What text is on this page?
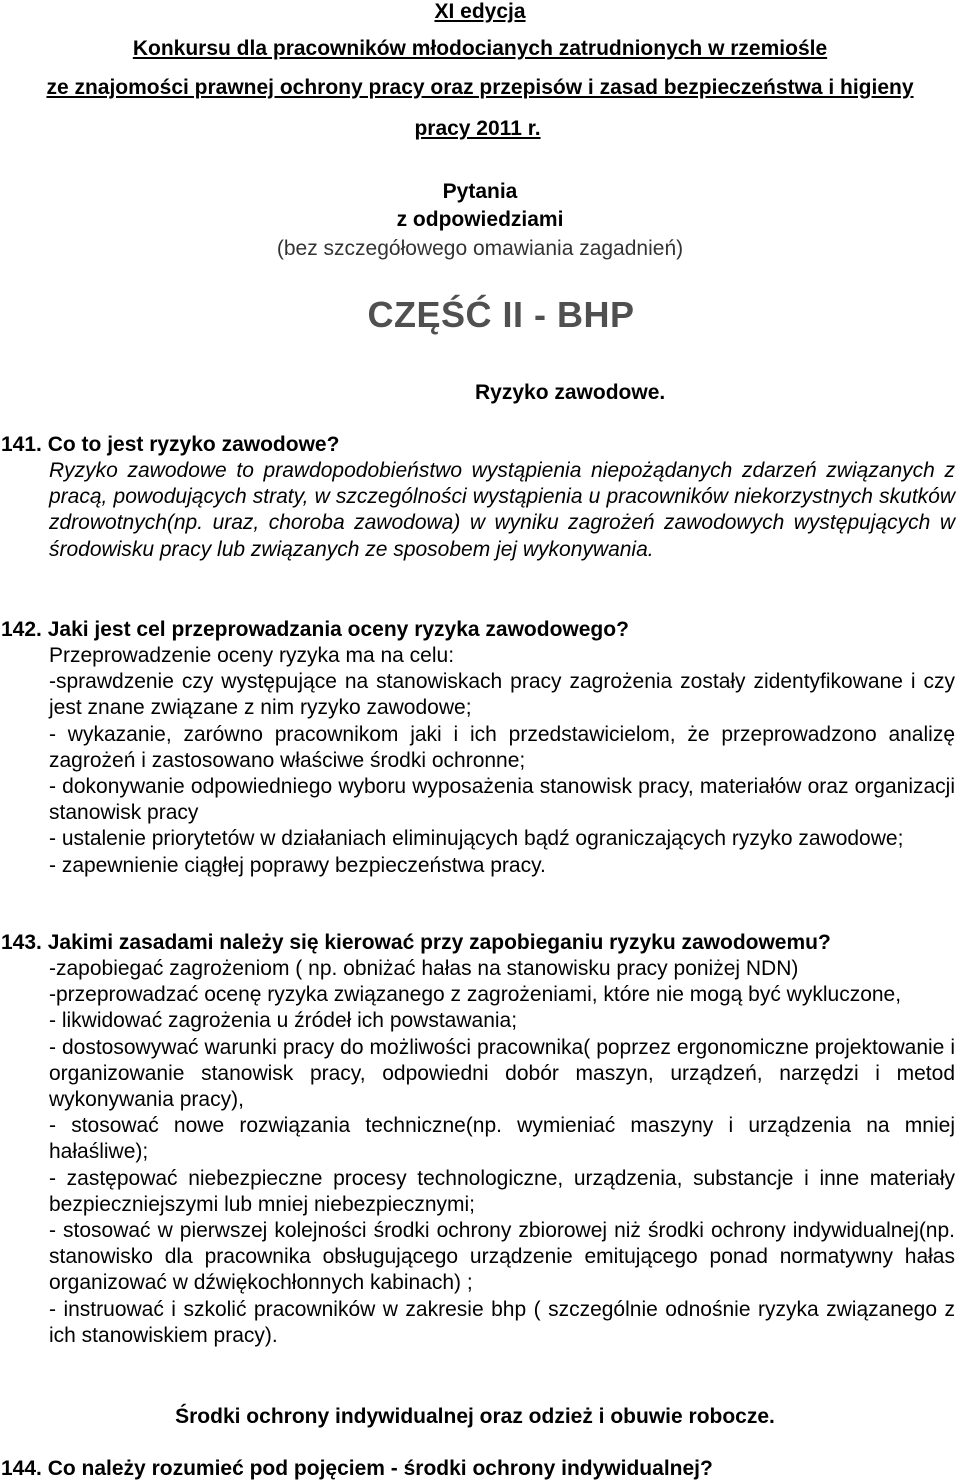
XI edycja
Konkursu dla pracowników młodocianych zatrudnionych w rzemiośle
ze znajomości prawnej ochrony pracy oraz przepisów i zasad bezpieczeństwa i higieny
pracy 2011 r.
Pytania
z odpowiedziami
(bez szczegółowego omawiania zagadnień)
CZĘŚĆ II - BHP
Ryzyko zawodowe.
141. Co to jest ryzyko zawodowe?

Ryzyko zawodowe to prawdopodobieństwo wystąpienia niepożądanych zdarzeń związanych z pracą, powodujących straty, w szczególności wystąpienia u pracowników niekorzystnych skutków zdrowotnych(np. uraz, choroba zawodowa) w wyniku zagrożeń zawodowych występujących w środowisku pracy lub związanych ze sposobem jej wykonywania.

142. Jaki jest cel przeprowadzania oceny ryzyka zawodowego?

Przeprowadzenie oceny ryzyka ma na celu:

-sprawdzenie czy występujące na stanowiskach pracy zagrożenia zostały zidentyfikowane i czy jest znane związane z nim ryzyko zawodowe;

- wykazanie, zarówno pracownikom jaki i ich przedstawicielom, że przeprowadzono analizę zagrożeń i zastosowano właściwe środki ochronne;

- dokonywanie odpowiedniego wyboru wyposażenia stanowisk pracy, materiałów oraz organizacji stanowisk pracy

- ustalenie priorytetów w działaniach eliminujących bądź ograniczających ryzyko zawodowe;

- zapewnienie ciągłej poprawy bezpieczeństwa pracy.

143. Jakimi zasadami należy się kierować przy zapobieganiu ryzyku zawodowemu?

-zapobiegać zagrożeniom ( np. obniżać hałas na stanowisku pracy poniżej NDN)

-przeprowadzać ocenę ryzyka związanego z zagrożeniami, które nie mogą być wykluczone,

- likwidować zagrożenia u źródeł ich powstawania;

- dostosowywać warunki pracy do możliwości pracownika( poprzez ergonomiczne projektowanie i organizowanie stanowisk pracy, odpowiedni dobór maszyn, urządzeń, narzędzi i metod wykonywania pracy),

- stosować nowe rozwiązania techniczne(np. wymieniać maszyny i urządzenia na mniej hałaśliwe);

- zastępować niebezpieczne procesy technologiczne, urządzenia, substancje i inne materiały bezpieczniejszymi lub mniej niebezpiecznymi;

- stosować w pierwszej kolejności środki ochrony zbiorowej niż środki ochrony indywidualnej(np. stanowisko dla pracownika obsługującego urządzenie emitującego ponad normatywny hałas organizować w dźwiękochłonnych kabinach) ;

- instruować i szkolić pracowników w zakresie bhp ( szczególnie odnośnie ryzyka związanego z ich stanowiskiem pracy).

Środki ochrony indywidualnej oraz odzież i obuwie robocze.
144. Co należy rozumieć pod pojęciem - środki ochrony indywidualnej?
